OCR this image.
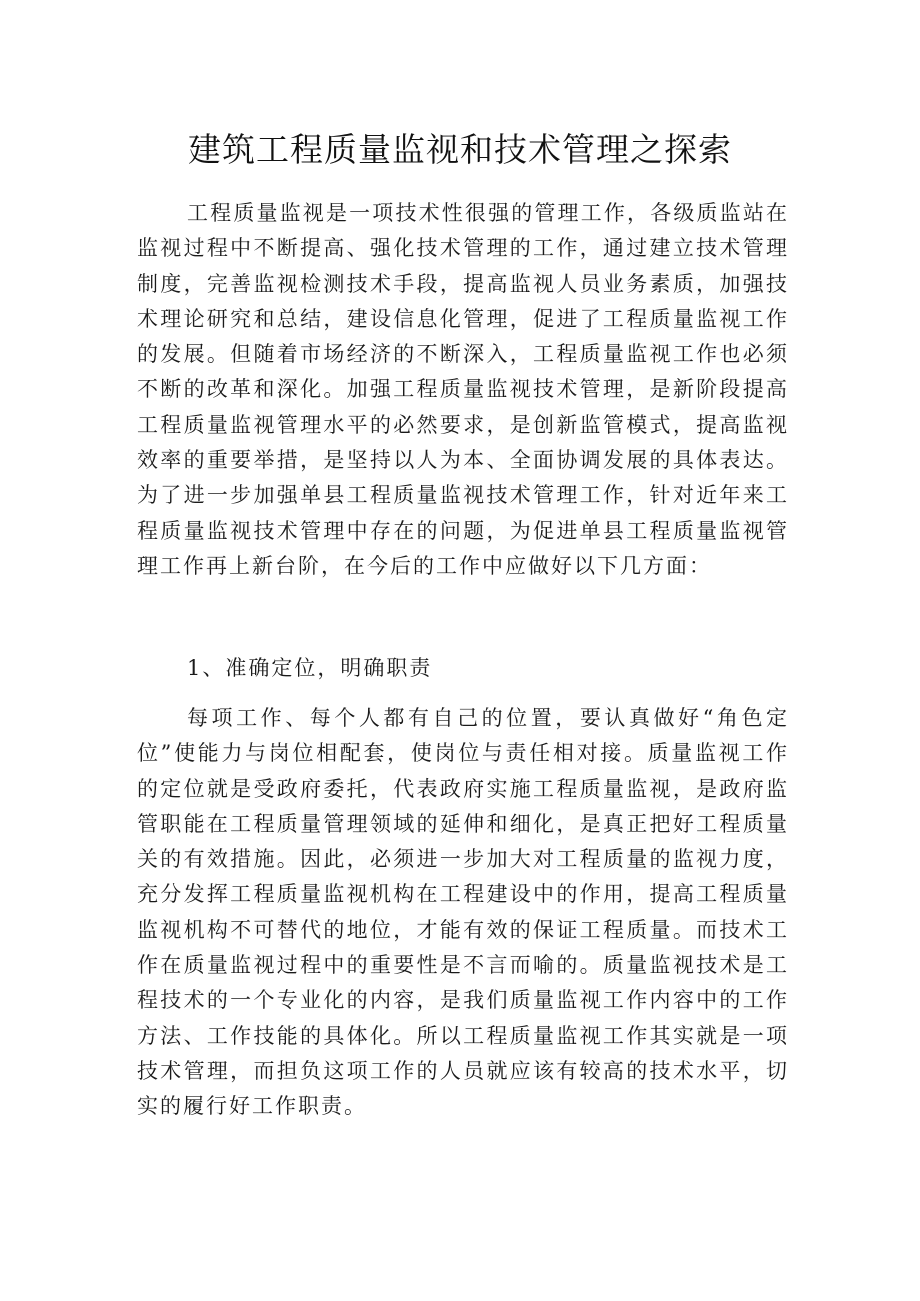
建筑工程质量监视和技术管理之探索

工程质量监视是一项技术性很强的管理工作，各级质监站在监视过程中不断提高、强化技术管理的工作，通过建立技术管理制度，完善监视检测技术手段，提高监视人员业务素质，加强技术理论研究和总结，建设信息化管理，促进了工程质量监视工作的发展。但随着市场经济的不断深入，工程质量监视工作也必须不断的改革和深化。加强工程质量监视技术管理，是新阶段提高工程质量监视管理水平的必然要求，是创新监管模式，提高监视效率的重要举措，是坚持以人为本、全面协调发展的具体表达。为了进一步加强单县工程质量监视技术管理工作，针对近年来工程质量监视技术管理中存在的问题，为促进单县工程质量监视管理工作再上新台阶，在今后的工作中应做好以下几方面：

1、准确定位，明确职责

每项工作、每个人都有自己的位置，要认真做好“角色定位”使能力与岗位相配套，使岗位与责任相对接。质量监视工作的定位就是受政府委托，代表政府实施工程质量监视，是政府监管职能在工程质量管理领域的延伸和细化，是真正把好工程质量关的有效措施。因此，必须进一步加大对工程质量的监视力度，充分发挥工程质量监视机构在工程建设中的作用，提高工程质量监视机构不可替代的地位，才能有效的保证工程质量。而技术工作在质量监视过程中的重要性是不言而喻的。质量监视技术是工程技术的一个专业化的内容，是我们质量监视工作内容中的工作方法、工作技能的具体化。所以工程质量监视工作其实就是一项技术管理，而担负这项工作的人员就应该有较高的技术水平，切实的履行好工作职责。
